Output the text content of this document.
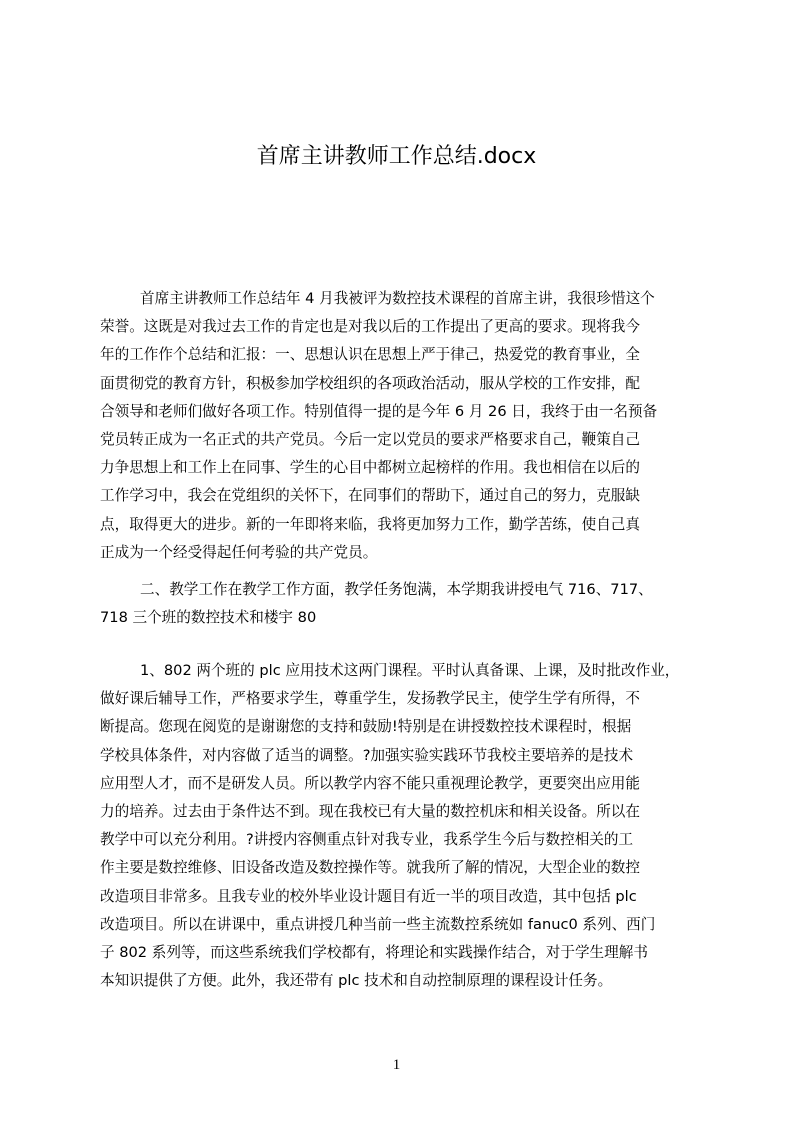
首席主讲教师工作总结.docx
首席主讲教师工作总结年 4 月我被评为数控技术课程的首席主讲，我很珍惜这个
荣誉。这既是对我过去工作的肯定也是对我以后的工作提出了更高的要求。现将我今
年的工作作个总结和汇报：一、思想认识在思想上严于律己，热爱党的教育事业，全
面贯彻党的教育方针，积极参加学校组织的各项政治活动，服从学校的工作安排，配
合领导和老师们做好各项工作。特别值得一提的是今年 6 月 26 日，我终于由一名预备
党员转正成为一名正式的共产党员。今后一定以党员的要求严格要求自己，鞭策自己
力争思想上和工作上在同事、学生的心目中都树立起榜样的作用。我也相信在以后的
工作学习中，我会在党组织的关怀下，在同事们的帮助下，通过自己的努力，克服缺
点，取得更大的进步。新的一年即将来临，我将更加努力工作，勤学苦练，使自己真
正成为一个经受得起任何考验的共产党员。
二、教学工作在教学工作方面，教学任务饱满，本学期我讲授电气 716、717、
718 三个班的数控技术和楼宇 80
1、802 两个班的 plc 应用技术这两门课程。平时认真备课、上课，及时批改作业，
做好课后辅导工作，严格要求学生，尊重学生，发扬教学民主，使学生学有所得，不
断提高。您现在阅览的是谢谢您的支持和鼓励!特别是在讲授数控技术课程时，根据
学校具体条件，对内容做了适当的调整。?加强实验实践环节我校主要培养的是技术
应用型人才，而不是研发人员。所以教学内容不能只重视理论教学，更要突出应用能
力的培养。过去由于条件达不到。现在我校已有大量的数控机床和相关设备。所以在
教学中可以充分利用。?讲授内容侧重点针对我专业，我系学生今后与数控相关的工
作主要是数控维修、旧设备改造及数控操作等。就我所了解的情况，大型企业的数控
改造项目非常多。且我专业的校外毕业设计题目有近一半的项目改造，其中包括 plc
改造项目。所以在讲课中，重点讲授几种当前一些主流数控系统如 fanuc0 系列、西门
子 802 系列等，而这些系统我们学校都有，将理论和实践操作结合，对于学生理解书
本知识提供了方便。此外，我还带有 plc 技术和自动控制原理的课程设计任务。
1
